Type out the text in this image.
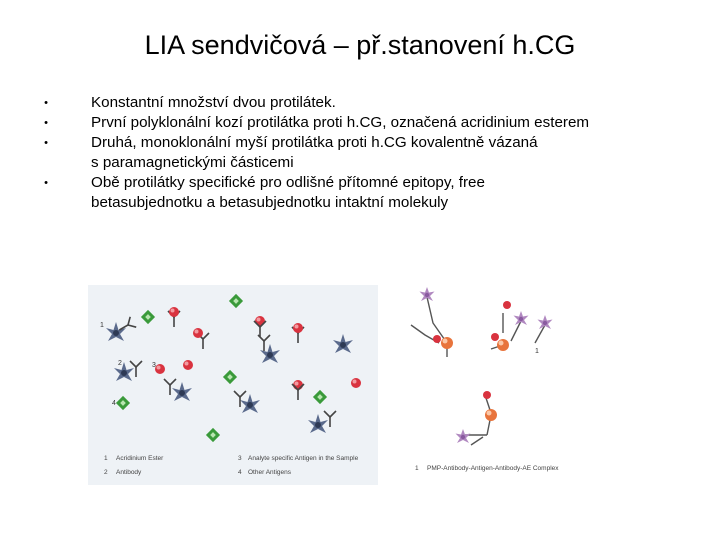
LIA sendvičová – př.stanovení h.CG
•	Konstantní množství dvou protilátek.
•	První polyklonální kozí protilátka proti h.CG, označená acridinium esterem
•	Druhá, monoklonální myší protilátka proti h.CG kovalentně vázaná
s paramagnetickými částicemi
•	Obě protilátky specifické pro odlišné přítomné epitopy, free
betasubjednotku a betasubjednotku intaktní molekuly
1
2	3
4
1 Acridinium Ester
2 Antibody
3 Analyte specific Antigen in the Sample
4 Other Antigens
1
1 PMP-Antibody-Antigen-Antibody-AE Complex
